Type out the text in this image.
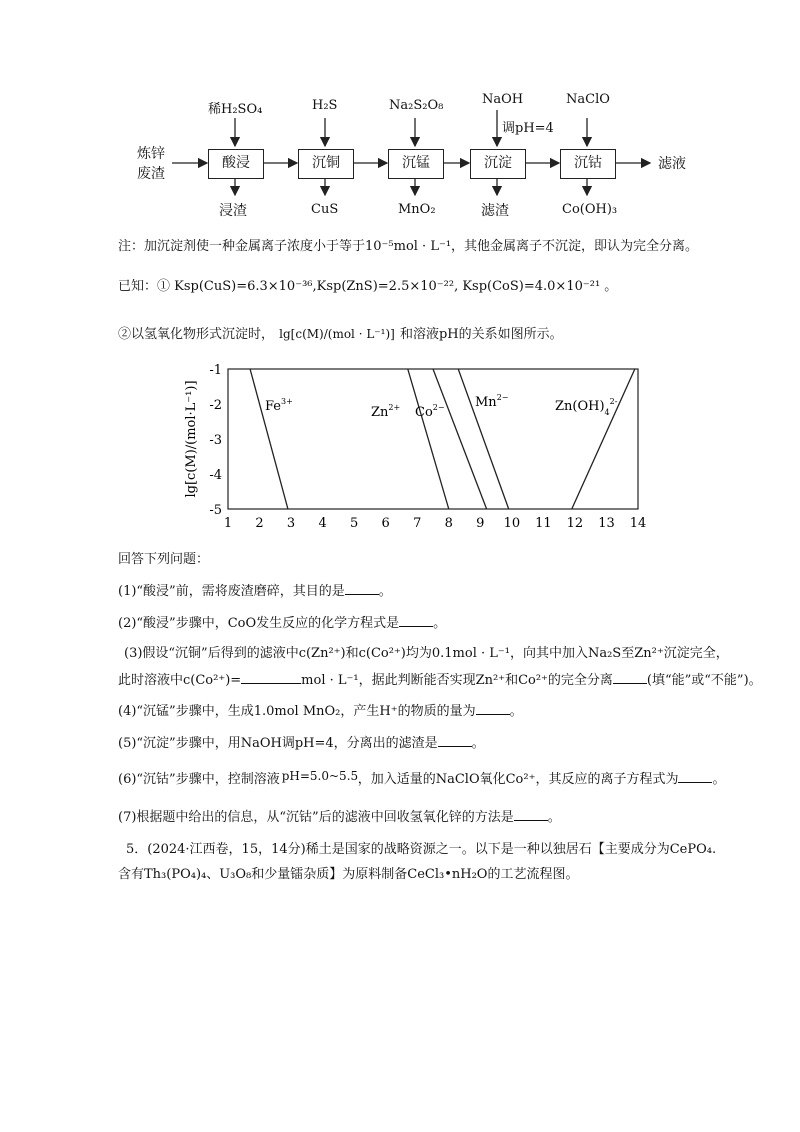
炼锌
废渣
滤液
酸浸	沉铜	沉锰	沉淀	沉钴
稀H₂SO₄	H₂S	Na₂S₂O₈	NaOH
调pH=4
NaClO
浸渣	CuS	MnO₂	滤渣	Co(OH)₃
注：加沉淀剂使一种金属离子浓度小于等于10⁻⁵mol · L⁻¹，其他金属离子不沉淀，即认为完全分离。
已知：① Ksp(CuS)=6.3×10⁻³⁶,Ksp(ZnS)=2.5×10⁻²², Ksp(CoS)=4.0×10⁻²¹ 。
②以氢氧化物形式沉淀时， lg[c(M)/(mol · L⁻¹)] 和溶液pH的关系如图所示。
lg[c(M)/(mol·L⁻¹)]
-1
-2
-3
-4
-5
1 2 3 4 5 6 7 8 9 10 11 12 13 14
$Fe^{3+}$
$Zn^{2+}$ $Co^{2-}$ $Mn^{2-}$
$Zn(OH)_4^{2-}$
回答下列问题：
(1)“酸浸”前，需将废渣磨碎，其目的是	。
(2)“酸浸”步骤中，CoO发生反应的化学方程式是	。
(3)假设“沉铜”后得到的滤液中c(Zn²⁺)和c(Co²⁺)均为0.1mol · L⁻¹，向其中加入Na₂S至Zn²⁺沉淀完全，
此时溶液中c(Co²⁺)=	mol · L⁻¹，据此判断能否实现Zn²⁺和Co²⁺的完全分离	(填“能”或“不能”)。
(4)“沉锰”步骤中，生成1.0mol MnO₂，产生H⁺的物质的量为	。
(5)“沉淀”步骤中，用NaOH调pH=4，分离出的滤渣是	。
(6)“沉钴”步骤中，控制溶液 pH=5.0~5.5 ，加入适量的NaClO氧化Co²⁺，其反应的离子方程式为	。
(7)根据题中给出的信息，从“沉钴”后的滤液中回收氢氧化锌的方法是	。
5．(2024·江西卷，15，14分)稀土是国家的战略资源之一。以下是一种以独居石【主要成分为CePO₄.
含有Th₃(PO₄)₄、U₃O₈和少量镭杂质】为原料制备CeCl₃•nH₂O的工艺流程图。
